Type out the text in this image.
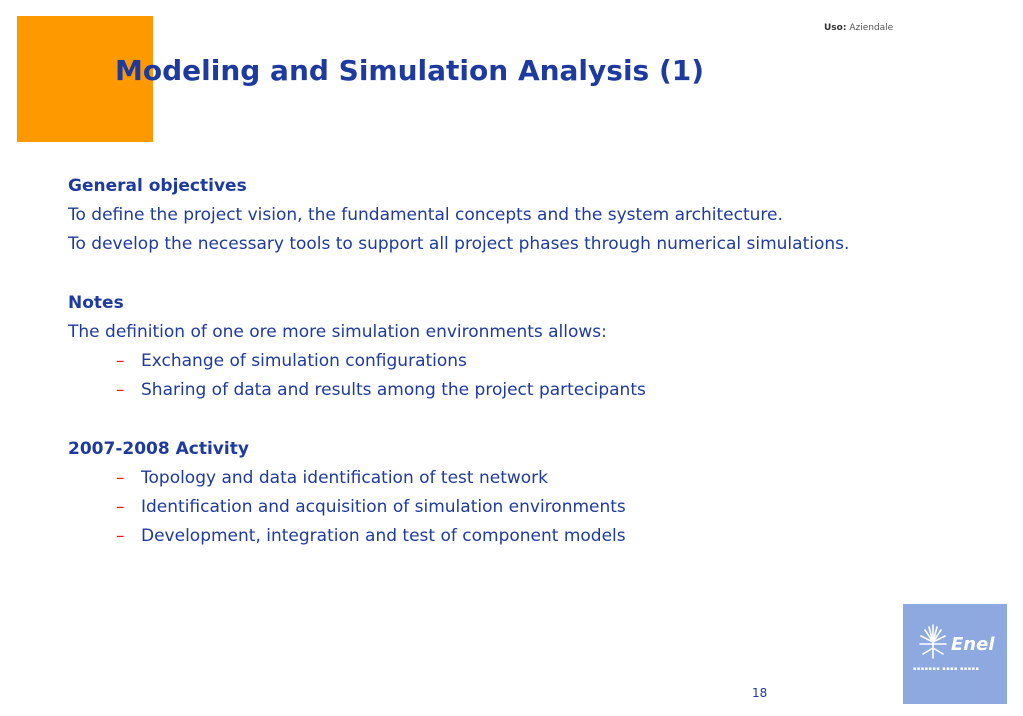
Uso: Aziendale
Modeling and Simulation Analysis (1)

General objectives

To define the project vision, the fundamental concepts and the system architecture.

To develop the necessary tools to support all project phases through numerical simulations.

Notes

The definition of one ore more simulation environments allows:

– Exchange of simulation configurations
– Sharing of data and results among the project partecipants

2007-2008 Activity

– Topology and data identification of test network
– Identification and acquisition of simulation environments
– Development, integration and test of component models
Enel
▪▪▪▪▪▪▪ ▪▪▪▪ ▪▪▪▪▪
18
